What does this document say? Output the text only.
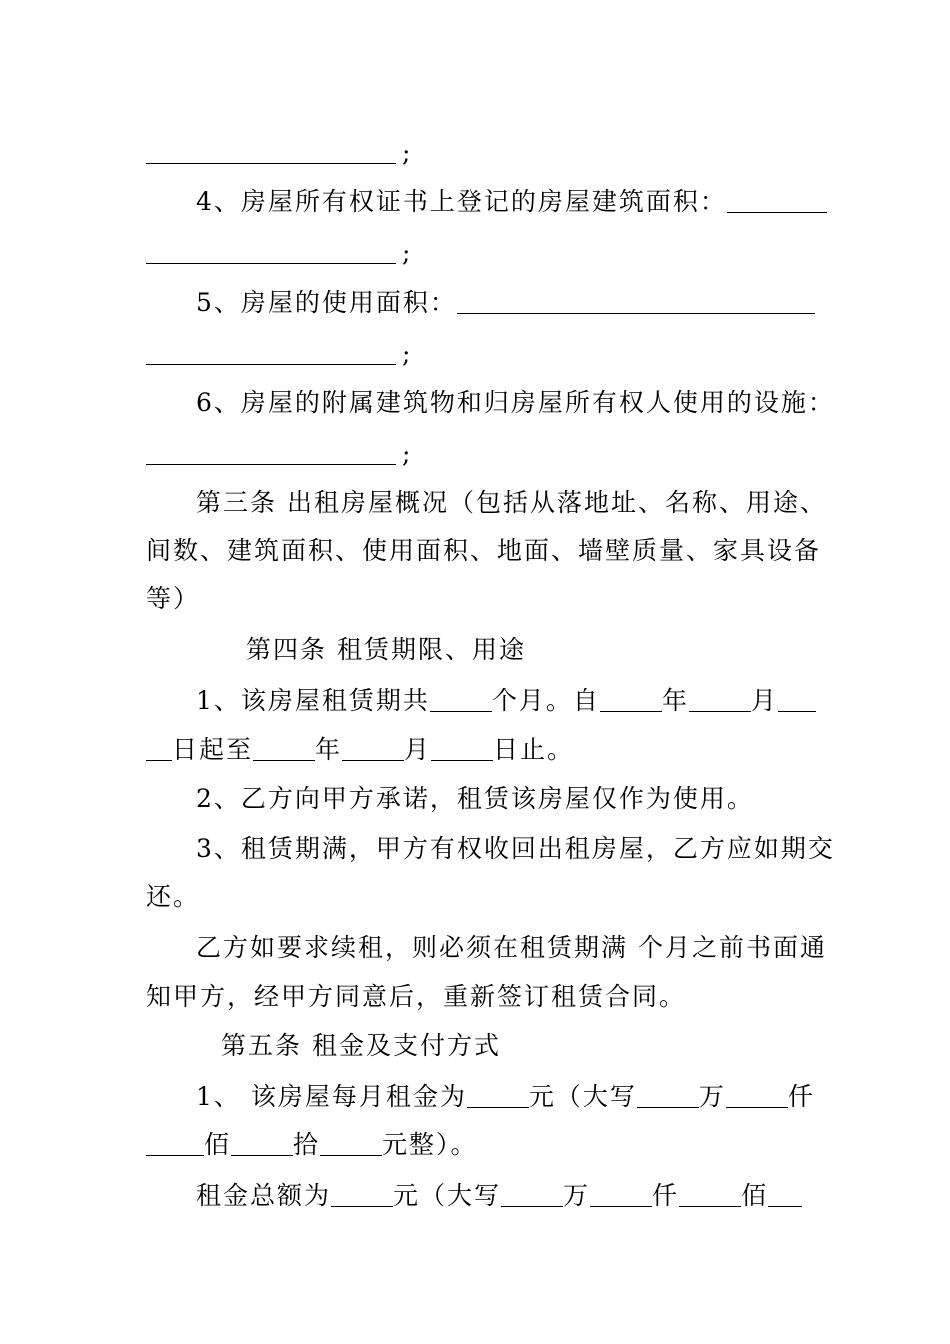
;
4、房屋所有权证书上登记的房屋建筑面积：
;
5、房屋的使用面积：
;
6、房屋的附属建筑物和归房屋所有权人使用的设施：
;
第三条 出租房屋概况（包括从落地址、名称、用途、
间数、建筑面积、使用面积、地面、墙壁质量、家具设备
等）
第四条 租赁期限、用途
1、该房屋租赁期共 个月。自 年 月
日起至 年 月 日止。
2、乙方向甲方承诺，租赁该房屋仅作为使用。
3、租赁期满，甲方有权收回出租房屋，乙方应如期交
还。
乙方如要求续租，则必须在租赁期满 个月之前书面通
知甲方，经甲方同意后，重新签订租赁合同。
第五条 租金及支付方式
1、 该房屋每月租金为 元（大写 万 仟
佰 拾 元整）。
租金总额为 元（大写 万 仟 佰
